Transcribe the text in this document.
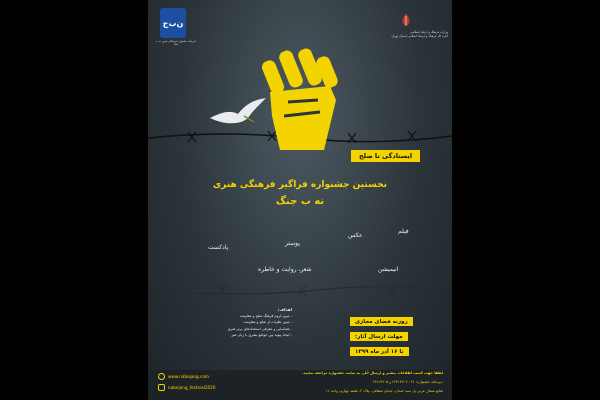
ن‌ب‌ج
دبیرخانه جشنواره فرهنگی هنری نه ب جنگ
وزارت فرهنگ و ارشاد اسلامی
اداره کل فرهنگ و ارشاد اسلامی استان تهران
ایستادگی تا صلح
نخستین جشنواره فراگیر فرهنگی هنری
نه ب جنگ
فیلم
عکس
پوستر
پادکست
انیمیشن
شعر، روایت و خاطره
اهداف:
- تبیین لزوم فرهنگ صلح و مقاومت
- تبیین نظرات از صلح و مقاومت
- شناسایی و معرفی استعدادهای برتر هنری
- ایجاد پیوند بین جوامع بشری با زبان هنر
روزنه فضای مجازی
مهلت ارسال آثار:
تا ۱۶ آذر ماه ۱۳۹۹
www.nabejang.com
nabejang_festival2020
لطفا جهت کسب اطلاعات بیشتر و ارسال آثار، به سایت جشنواره مراجعه نمایید.
دبیرخانه جشنواره: ۰۲۱-۶۶۴۱۴۷۰۲ و ۶۶۷۱۳۷۰۵
شانع شمال غربی پل سید خندان، خیابان شقاقی، پلاک ۲، طبقه چهارم، واحد ۱۱
